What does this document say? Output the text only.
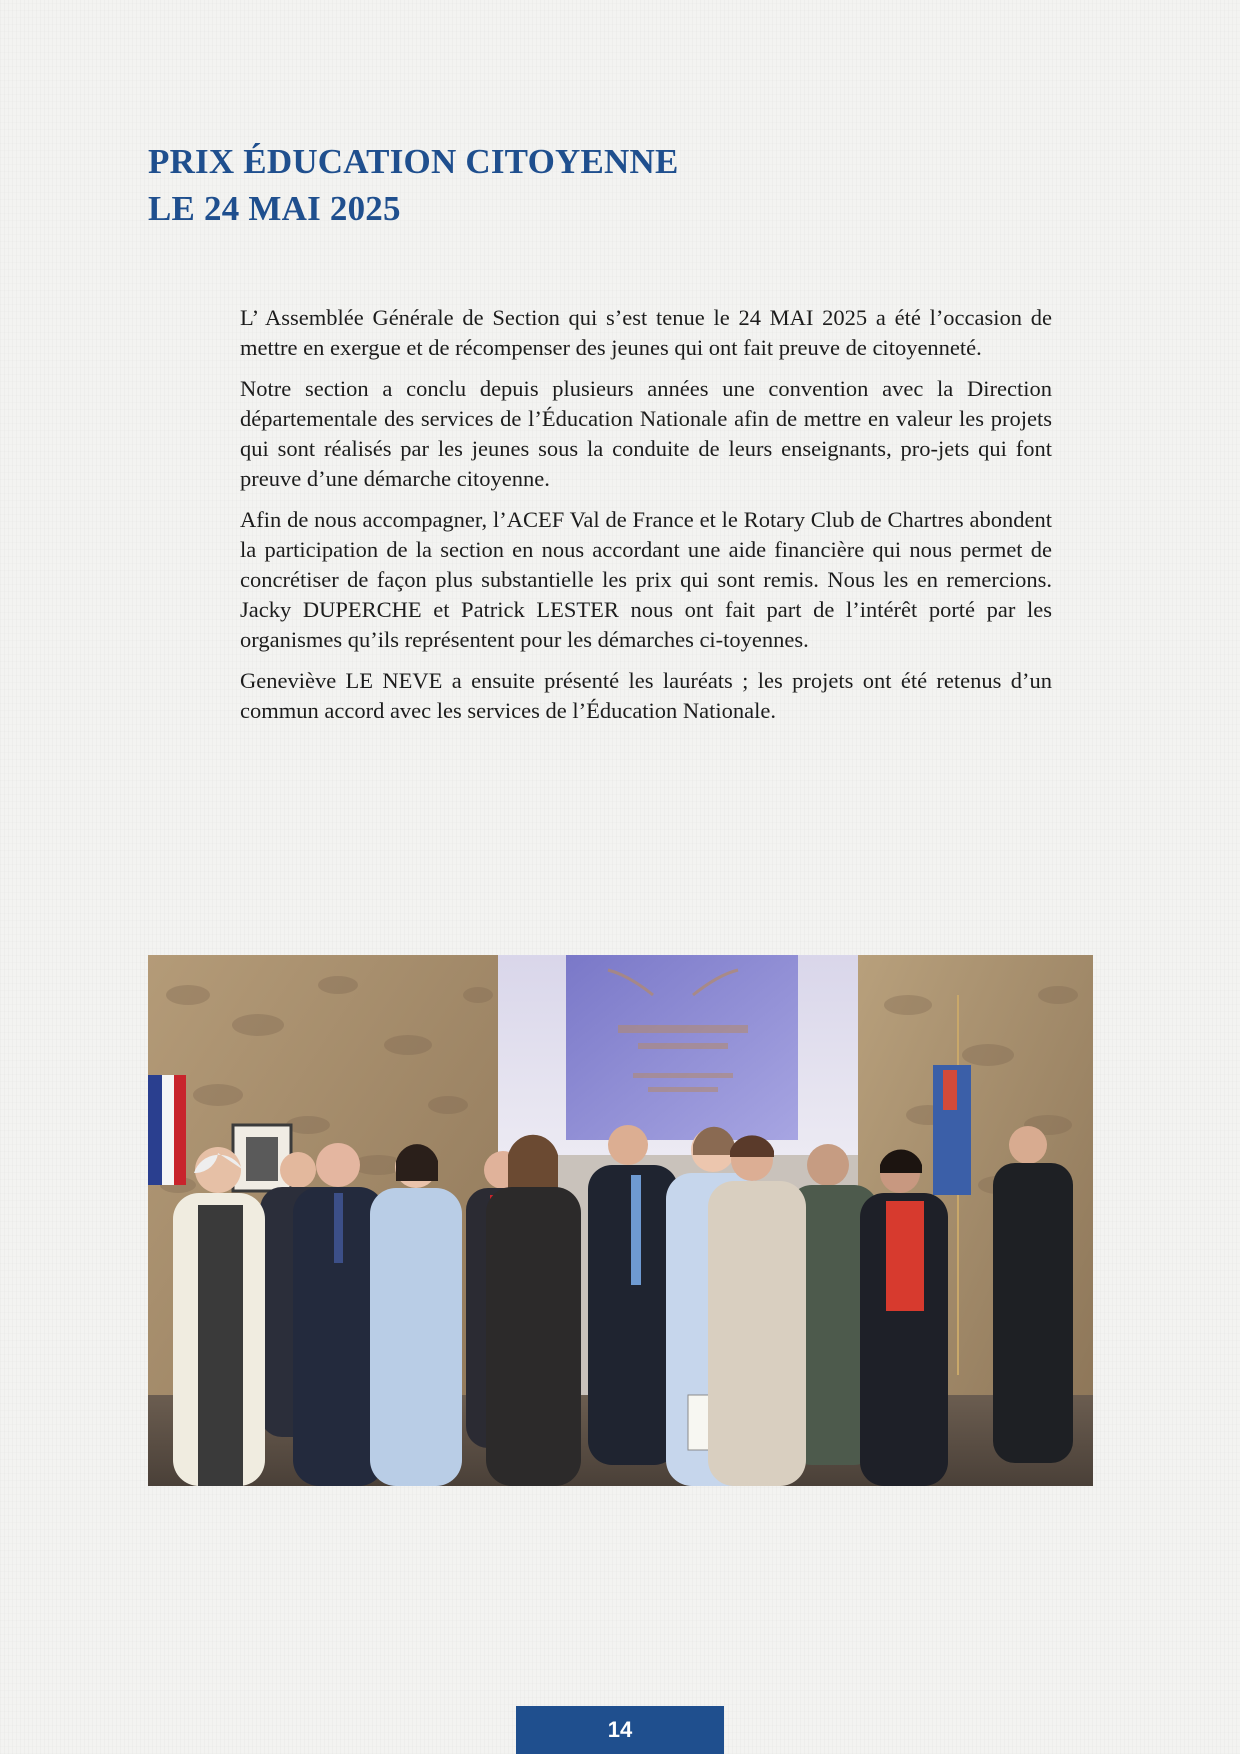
PRIX ÉDUCATION CITOYENNE
LE 24 MAI 2025

L’ Assemblée Générale de Section qui s’est tenue le 24 MAI 2025 a été l’occasion de mettre en exergue et de récompenser des jeunes qui ont fait preuve de citoyenneté.

Notre section a conclu depuis plusieurs années une convention avec la Direction départementale des services de l’Éducation Nationale afin de mettre en valeur les projets qui sont réalisés par les jeunes sous la conduite de leurs enseignants, pro-jets qui font preuve d’une démarche citoyenne.

Afin de nous accompagner, l’ACEF Val de France et le Rotary Club de Chartres abondent la participation de la section en nous accordant une aide financière qui nous permet de concrétiser de façon plus substantielle les prix qui sont remis. Nous les en remercions. Jacky DUPERCHE et Patrick LESTER nous ont fait part de l’intérêt porté par les organismes qu’ils représentent pour les démarches ci-toyennes.

Geneviève LE NEVE a ensuite présenté les lauréats ; les projets ont été retenus d’un commun accord avec les services de l’Éducation Nationale.

14
